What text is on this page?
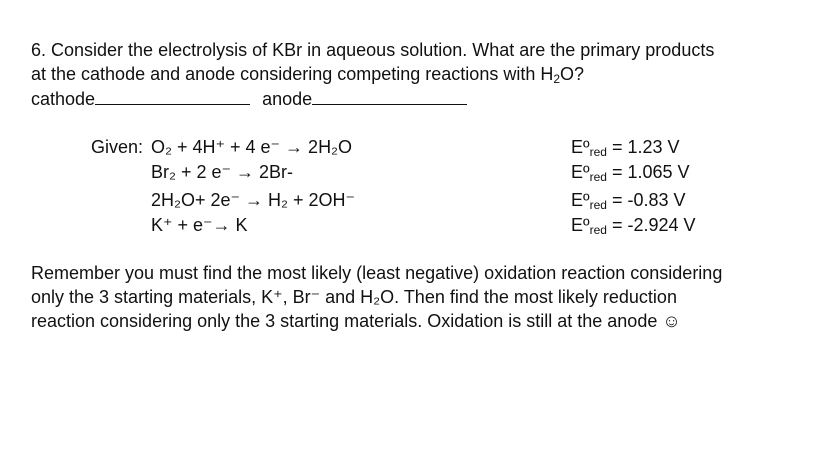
6. Consider the electrolysis of KBr in aqueous solution. What are the primary products
at the cathode and anode considering competing reactions with $H_2O$?
cathode	anode
Given: O₂ + 4H⁺ + 4 e⁻ → 2H₂O
Br₂ + 2 e⁻ → 2Br-
2H₂O+ 2e⁻ → H₂ + 2OH⁻
K⁺ + e⁻→ K
Eº$_{red}$ = 1.23 V
Eº$_{red}$ = 1.065 V
Eº$_{red}$ = -0.83 V
Eº$_{red}$ = -2.924 V
Remember you must find the most likely (least negative) oxidation reaction considering
only the 3 starting materials, K⁺, Br⁻ and H₂O. Then find the most likely reduction
reaction considering only the 3 starting materials. Oxidation is still at the anode ☺
